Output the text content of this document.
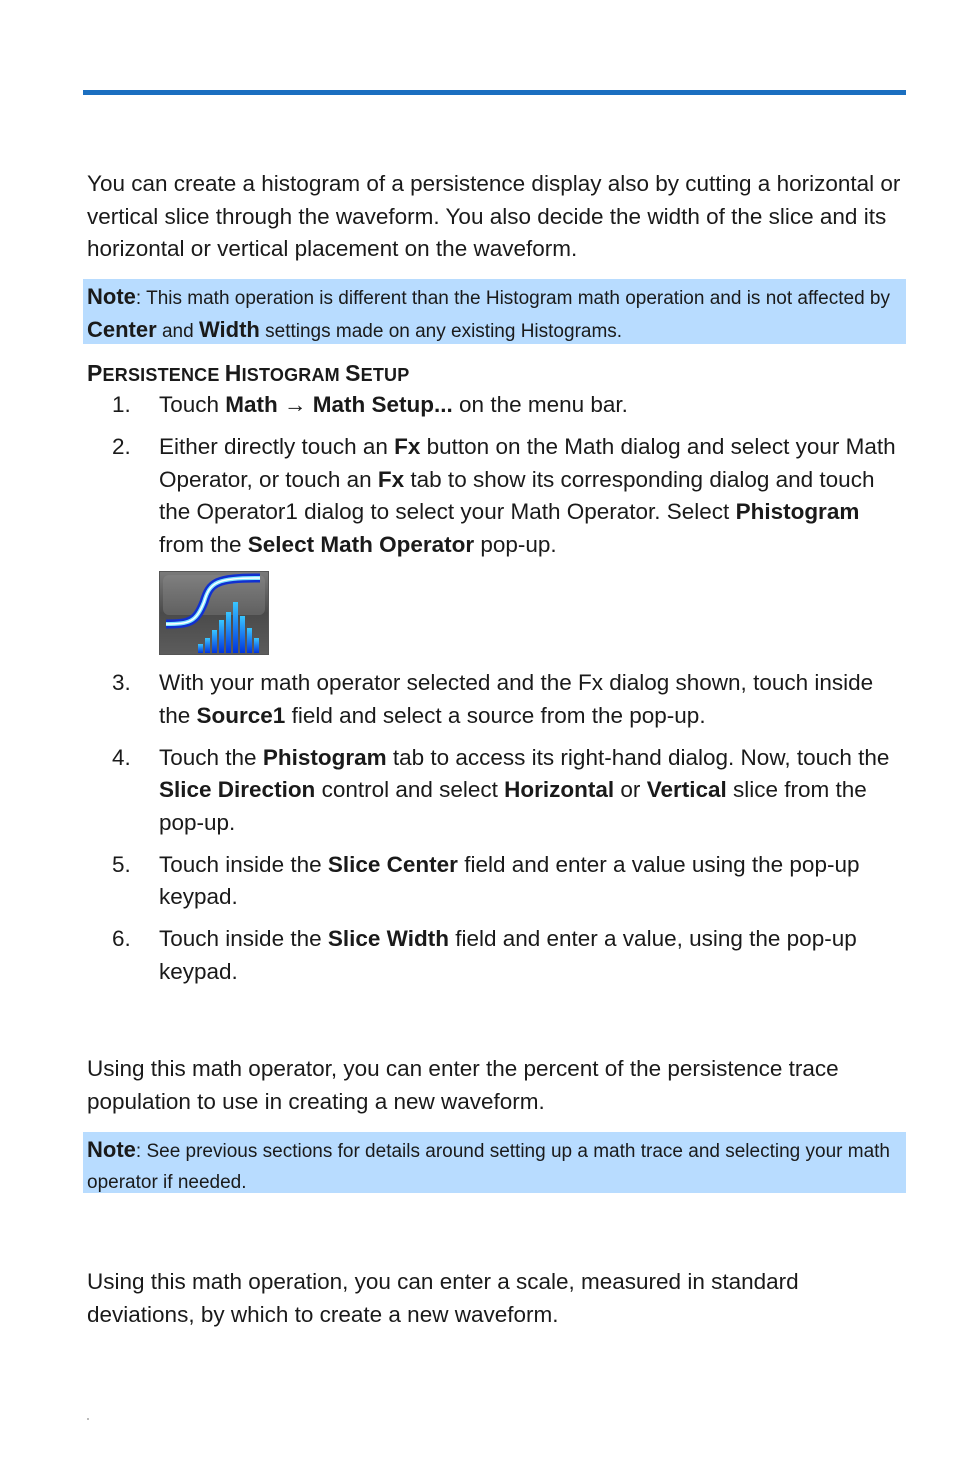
You can create a histogram of a persistence display also by cutting a horizontal or vertical slice through the waveform. You also decide the width of the slice and its horizontal or vertical placement on the waveform.

Note: This math operation is different than the Histogram math operation and is not affected by Center and Width settings made on any existing Histograms.
PERSISTENCE HISTOGRAM SETUP
1. Touch Math → Math Setup... on the menu bar.
2. Either directly touch an Fx button on the Math dialog and select your Math Operator, or touch an Fx tab to show its corresponding dialog and touch the Operator1 dialog to select your Math Operator. Select Phistogram from the Select Math Operator pop-up.
3. With your math operator selected and the Fx dialog shown, touch inside the Source1 field and select a source from the pop-up.
4. Touch the Phistogram tab to access its right-hand dialog. Now, touch the Slice Direction control and select Horizontal or Vertical slice from the pop-up.
5. Touch inside the Slice Center field and enter a value using the pop-up keypad.
6. Touch inside the Slice Width field and enter a value, using the pop-up keypad.

Using this math operator, you can enter the percent of the persistence trace population to use in creating a new waveform.

Note: See previous sections for details around setting up a math trace and selecting your math operator if needed.

Using this math operation, you can enter a scale, measured in standard deviations, by which to create a new waveform.
